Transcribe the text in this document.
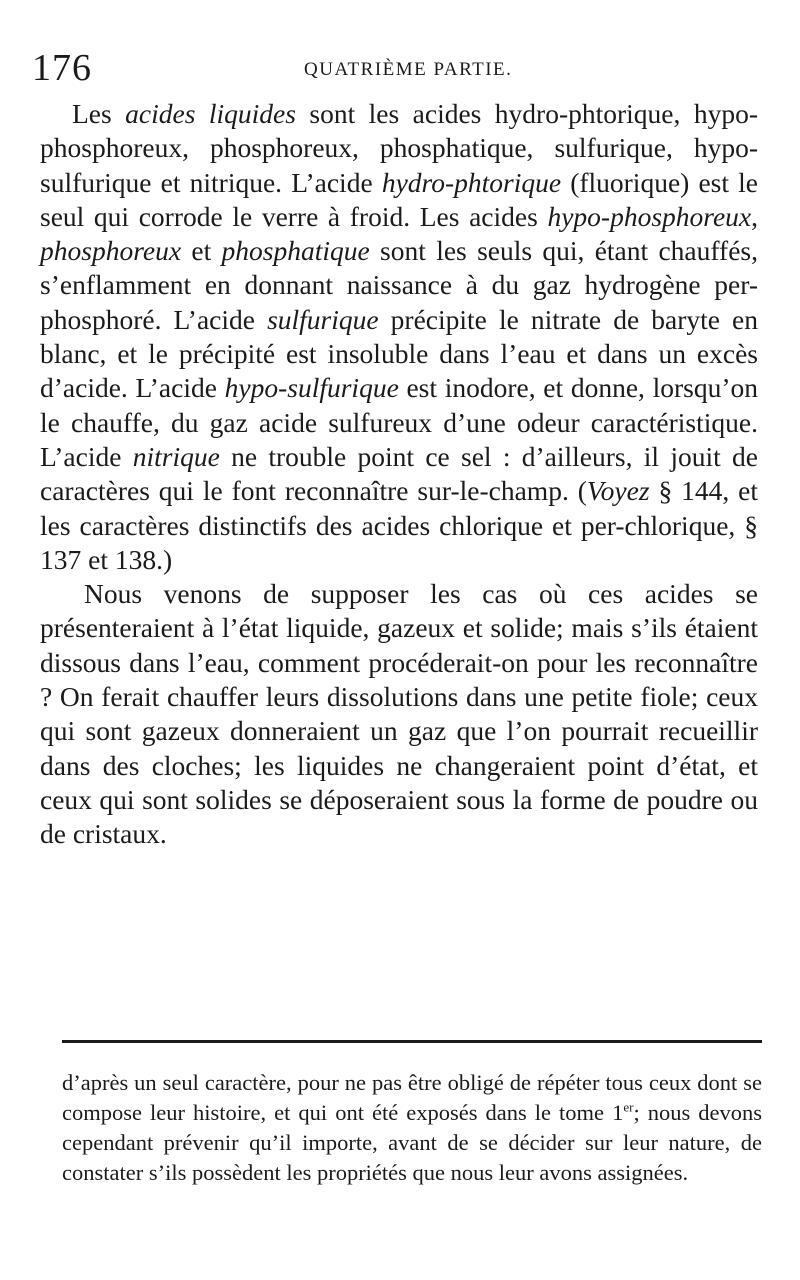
176	QUATRIÈME PARTIE.

Les acides liquides sont les acides hydro-phtorique, hypo-phosphoreux, phosphoreux, phosphatique, sulfurique, hypo-sulfurique et nitrique. L’acide hydro-phtorique (fluorique) est le seul qui corrode le verre à froid. Les acides hypo-phosphoreux, phosphoreux et phosphatique sont les seuls qui, étant chauffés, s’enflamment en donnant naissance à du gaz hydrogène per-phosphoré. L’acide sulfurique précipite le nitrate de baryte en blanc, et le précipité est insoluble dans l’eau et dans un excès d’acide. L’acide hypo-sulfurique est inodore, et donne, lorsqu’on le chauffe, du gaz acide sulfureux d’une odeur caractéristique. L’acide nitrique ne trouble point ce sel : d’ailleurs, il jouit de caractères qui le font reconnaître sur-le-champ. (Voyez § 144, et les caractères distinctifs des acides chlorique et per-chlorique, § 137 et 138.)

Nous venons de supposer les cas où ces acides se présenteraient à l’état liquide, gazeux et solide; mais s’ils étaient dissous dans l’eau, comment procéderait-on pour les reconnaître ? On ferait chauffer leurs dissolutions dans une petite fiole; ceux qui sont gazeux donneraient un gaz que l’on pourrait recueillir dans des cloches; les liquides ne changeraient point d’état, et ceux qui sont solides se déposeraient sous la forme de poudre ou de cristaux.

d’après un seul caractère, pour ne pas être obligé de répéter tous ceux dont se compose leur histoire, et qui ont été exposés dans le tome 1er; nous devons cependant prévenir qu’il importe, avant de se décider sur leur nature, de constater s’ils possèdent les propriétés que nous leur avons assignées.
